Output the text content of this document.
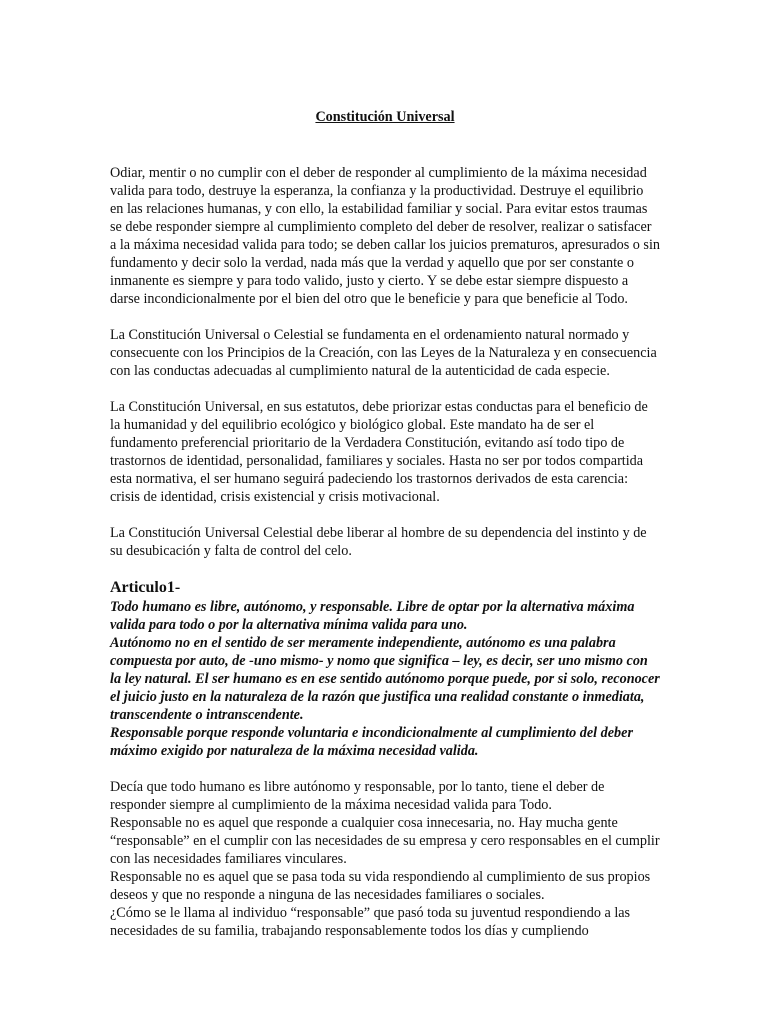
Constitución Universal

Odiar, mentir o no cumplir con el deber de responder al cumplimiento de la máxima necesidad valida para todo, destruye la esperanza, la confianza y la productividad. Destruye el equilibrio en las relaciones humanas, y con ello, la estabilidad familiar y social. Para evitar estos traumas se debe responder siempre al cumplimiento completo del deber de resolver, realizar o satisfacer a la máxima necesidad valida para todo; se deben callar los juicios prematuros, apresurados o sin fundamento y decir solo la verdad, nada más que la verdad y aquello que por ser constante o inmanente es siempre y para todo valido, justo y cierto. Y se debe estar siempre dispuesto a darse incondicionalmente por el bien del otro que le beneficie y para que beneficie al Todo.

La Constitución Universal o Celestial se fundamenta en el ordenamiento natural normado y consecuente con los Principios de la Creación, con las Leyes de la Naturaleza y en consecuencia con las conductas adecuadas al cumplimiento natural de la autenticidad de cada especie.

La Constitución Universal, en sus estatutos, debe priorizar estas conductas para el beneficio de la humanidad y del equilibrio ecológico y biológico global. Este mandato ha de ser el fundamento preferencial prioritario de la Verdadera Constitución, evitando así todo tipo de trastornos de identidad, personalidad, familiares y sociales. Hasta no ser por todos compartida esta normativa, el ser humano seguirá padeciendo los trastornos derivados de esta carencia: crisis de identidad, crisis existencial y crisis motivacional.

La Constitución Universal Celestial debe liberar al hombre de su dependencia del instinto y de su desubicación y falta de control del celo.

Articulo1-
Todo humano es libre, autónomo, y responsable. Libre de optar por la alternativa máxima valida para todo o por la alternativa mínima valida para uno.
Autónomo no en el sentido de ser meramente independiente, autónomo es una palabra compuesta por auto, de -uno mismo- y nomo que significa – ley, es decir, ser uno mismo con la ley natural. El ser humano es en ese sentido autónomo porque puede, por si solo, reconocer el juicio justo en la naturaleza de la razón que justifica una realidad constante o inmediata, transcendente o intranscendente.
Responsable porque responde voluntaria e incondicionalmente al cumplimiento del deber máximo exigido por naturaleza de la máxima necesidad valida.
Decía que todo humano es libre autónomo y responsable, por lo tanto, tiene el deber de responder siempre al cumplimiento de la máxima necesidad valida para Todo.
Responsable no es aquel que responde a cualquier cosa innecesaria, no. Hay mucha gente “responsable” en el cumplir con las necesidades de su empresa y cero responsables en el cumplir con las necesidades familiares vinculares.
Responsable no es aquel que se pasa toda su vida respondiendo al cumplimiento de sus propios deseos y que no responde a ninguna de las necesidades familiares o sociales.
¿Cómo se le llama al individuo “responsable” que pasó toda su juventud respondiendo a las necesidades de su familia, trabajando responsablemente todos los días y cumpliendo
